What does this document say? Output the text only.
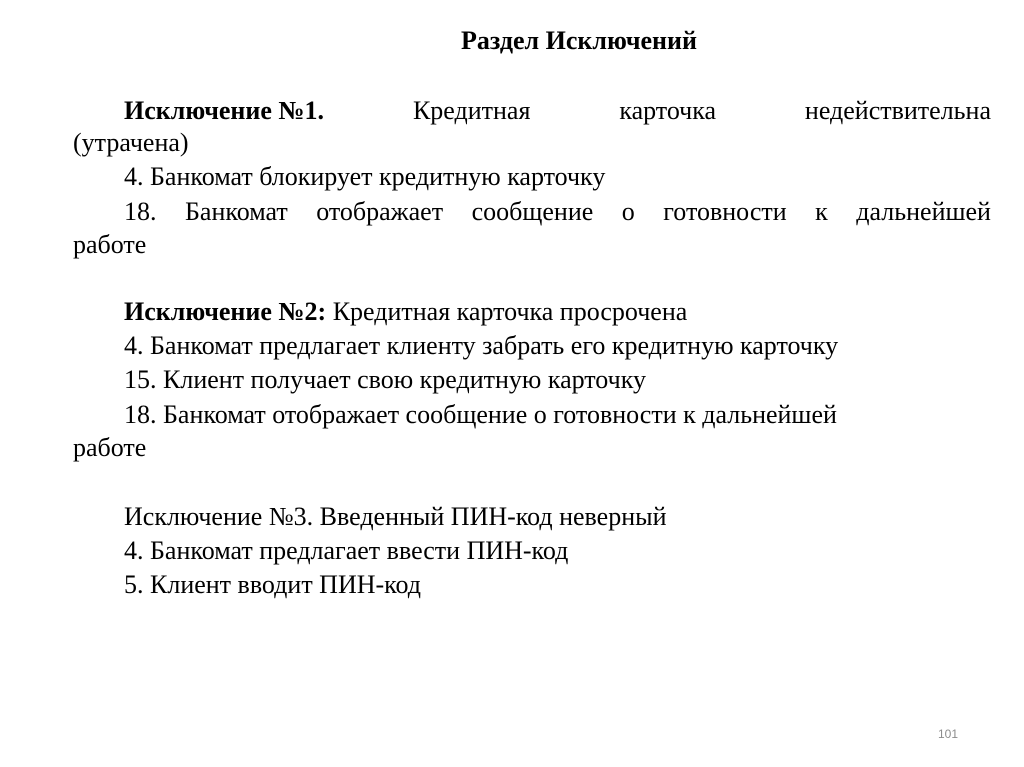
Раздел Исключений
Исключение №1.	Кредитная	карточка	недействительна
(утрачена)
4. Банкомат блокирует кредитную карточку
18. Банкомат отображает сообщение о готовности к дальнейшей
работе
Исключение №2: Кредитная карточка просрочена
4. Банкомат предлагает клиенту забрать его кредитную карточку
15. Клиент получает свою кредитную карточку
18. Банкомат отображает сообщение о готовности к дальнейшей
работе
Исключение №3. Введенный ПИН-код неверный
4. Банкомат предлагает ввести ПИН-код
5. Клиент вводит ПИН-код
101
